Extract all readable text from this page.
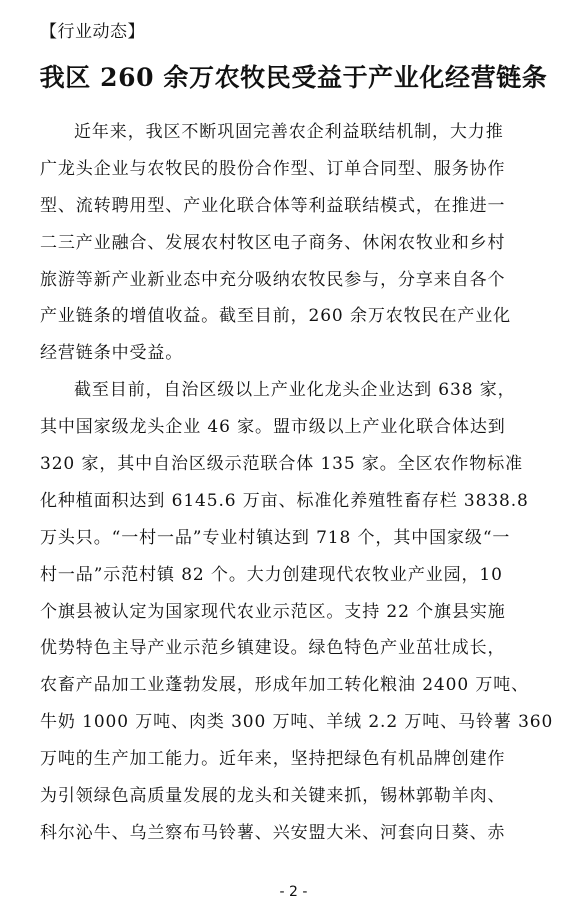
【行业动态】
我区 260 余万农牧民受益于产业化经营链条
近年来，我区不断巩固完善农企利益联结机制，大力推
广龙头企业与农牧民的股份合作型、订单合同型、服务协作
型、流转聘用型、产业化联合体等利益联结模式，在推进一
二三产业融合、发展农村牧区电子商务、休闲农牧业和乡村
旅游等新产业新业态中充分吸纳农牧民参与，分享来自各个
产业链条的增值收益。截至目前，260 余万农牧民在产业化
经营链条中受益。
截至目前，自治区级以上产业化龙头企业达到 638 家，
其中国家级龙头企业 46 家。盟市级以上产业化联合体达到
320 家，其中自治区级示范联合体 135 家。全区农作物标准
化种植面积达到 6145.6 万亩、标准化养殖牲畜存栏 3838.8
万头只。“一村一品”专业村镇达到 718 个，其中国家级“一
村一品”示范村镇 82 个。大力创建现代农牧业产业园，10
个旗县被认定为国家现代农业示范区。支持 22 个旗县实施
优势特色主导产业示范乡镇建设。绿色特色产业茁壮成长，
农畜产品加工业蓬勃发展，形成年加工转化粮油 2400 万吨、
牛奶 1000 万吨、肉类 300 万吨、羊绒 2.2 万吨、马铃薯 360
万吨的生产加工能力。近年来，坚持把绿色有机品牌创建作
为引领绿色高质量发展的龙头和关键来抓，锡林郭勒羊肉、
科尔沁牛、乌兰察布马铃薯、兴安盟大米、河套向日葵、赤
- 2 -
